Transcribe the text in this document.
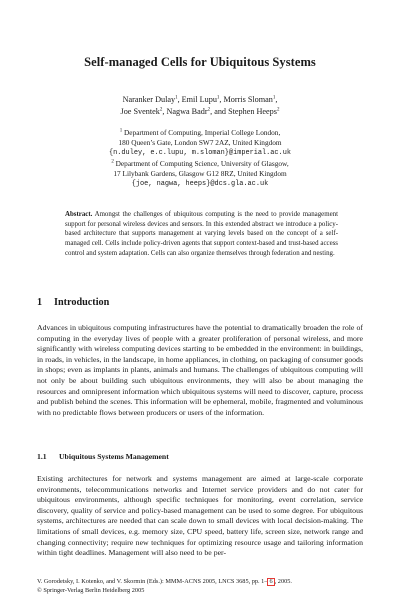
Self-managed Cells for Ubiquitous Systems
Naranker Dulay$^1$, Emil Lupu$^1$, Morris Sloman$^1$,
Joe Sventek$^2$, Nagwa Badr$^2$, and Stephen Heeps$^2$
$^1$ Department of Computing, Imperial College London,
180 Queen’s Gate, London SW7 2AZ, United Kingdom
{n.duley, e.c.lupu, m.sloman}@imperial.ac.uk
$^2$ Department of Computing Science, University of Glasgow,
17 Lilybank Gardens, Glasgow G12 8RZ, United Kingdom
{joe, nagwa, heeps}@dcs.gla.ac.uk
Abstract. Amongst the challenges of ubiquitous computing is the need to provide management support for personal wireless devices and sensors. In this extended abstract we introduce a policy-based architecture that supports management at varying levels based on the concept of a self-managed cell. Cells include policy-driven agents that support context-based and trust-based access control and system adaptation. Cells can also organize themselves through federation and nesting.
1 Introduction
Advances in ubiquitous computing infrastructures have the potential to dramatically broaden the role of computing in the everyday lives of people with a greater proliferation of personal wireless, and more significantly with wireless computing devices starting to be embedded in the environment: in buildings, in roads, in vehicles, in the landscape, in home appliances, in clothing, on packaging of consumer goods in shops; even as implants in plants, animals and humans. The challenges of ubiquitous computing will not only be about building such ubiquitous environments, they will also be about managing the resources and omnipresent information which ubiquitous systems will need to discover, capture, process and publish behind the scenes. This information will be ephemeral, mobile, fragmented and voluminous with no predictable flows between producers or users of the information.
1.1 Ubiquitous Systems Management
Existing architectures for network and systems management are aimed at large-scale corporate environments, telecommunications networks and Internet service providers and do not cater for ubiquitous environments, although specific techniques for monitoring, event correlation, service discovery, quality of service and policy-based management can be used to some degree. For ubiquitous systems, architectures are needed that can scale down to small devices with local decision-making. The limitations of small devices, e.g. memory size, CPU speed, battery life, screen size, network range and changing connectivity; require new techniques for optimizing resource usage and tailoring information within tight deadlines. Management will also need to be per-
V. Gorodetsky, I. Kotenko, and V. Skormin (Eds.): MMM-ACNS 2005, LNCS 3685, pp. 1– 6 , 2005.
© Springer-Verlag Berlin Heidelberg 2005
